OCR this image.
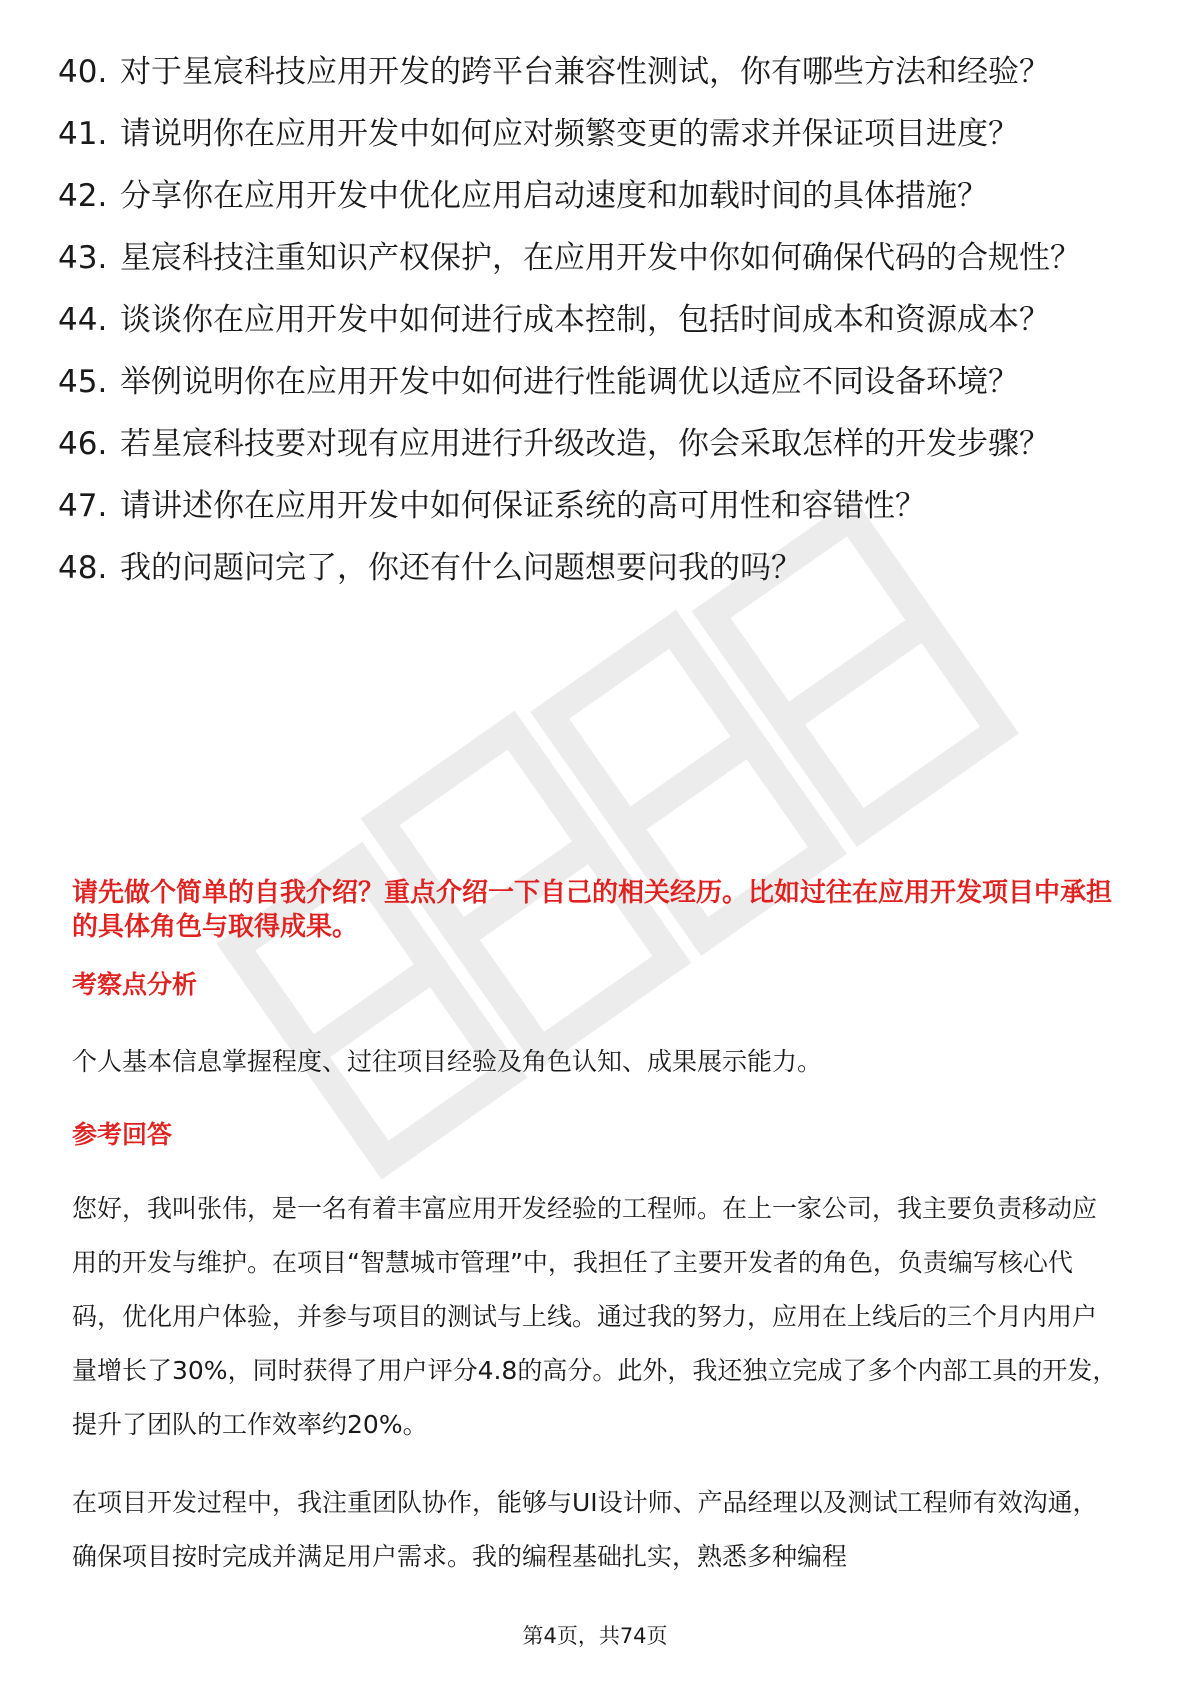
40. 对于星宸科技应用开发的跨平台兼容性测试，你有哪些方法和经验？
41. 请说明你在应用开发中如何应对频繁变更的需求并保证项目进度？
42. 分享你在应用开发中优化应用启动速度和加载时间的具体措施？
43. 星宸科技注重知识产权保护，在应用开发中你如何确保代码的合规性？
44. 谈谈你在应用开发中如何进行成本控制，包括时间成本和资源成本？
45. 举例说明你在应用开发中如何进行性能调优以适应不同设备环境？
46. 若星宸科技要对现有应用进行升级改造，你会采取怎样的开发步骤？
47. 请讲述你在应用开发中如何保证系统的高可用性和容错性？
48. 我的问题问完了，你还有什么问题想要问我的吗？
请先做个简单的自我介绍？重点介绍一下自己的相关经历。比如过往在应用开发项目中承担的具体角色与取得成果。
考察点分析
个人基本信息掌握程度、过往项目经验及角色认知、成果展示能力。
参考回答
您好，我叫张伟，是一名有着丰富应用开发经验的工程师。在上一家公司，我主要负责移动应用的开发与维护。在项目“智慧城市管理”中，我担任了主要开发者的角色，负责编写核心代码，优化用户体验，并参与项目的测试与上线。通过我的努力，应用在上线后的三个月内用户量增长了30%，同时获得了用户评分4.8的高分。此外，我还独立完成了多个内部工具的开发，提升了团队的工作效率约20%。
在项目开发过程中，我注重团队协作，能够与UI设计师、产品经理以及测试工程师有效沟通，确保项目按时完成并满足用户需求。我的编程基础扎实，熟悉多种编程
第4页，共74页
